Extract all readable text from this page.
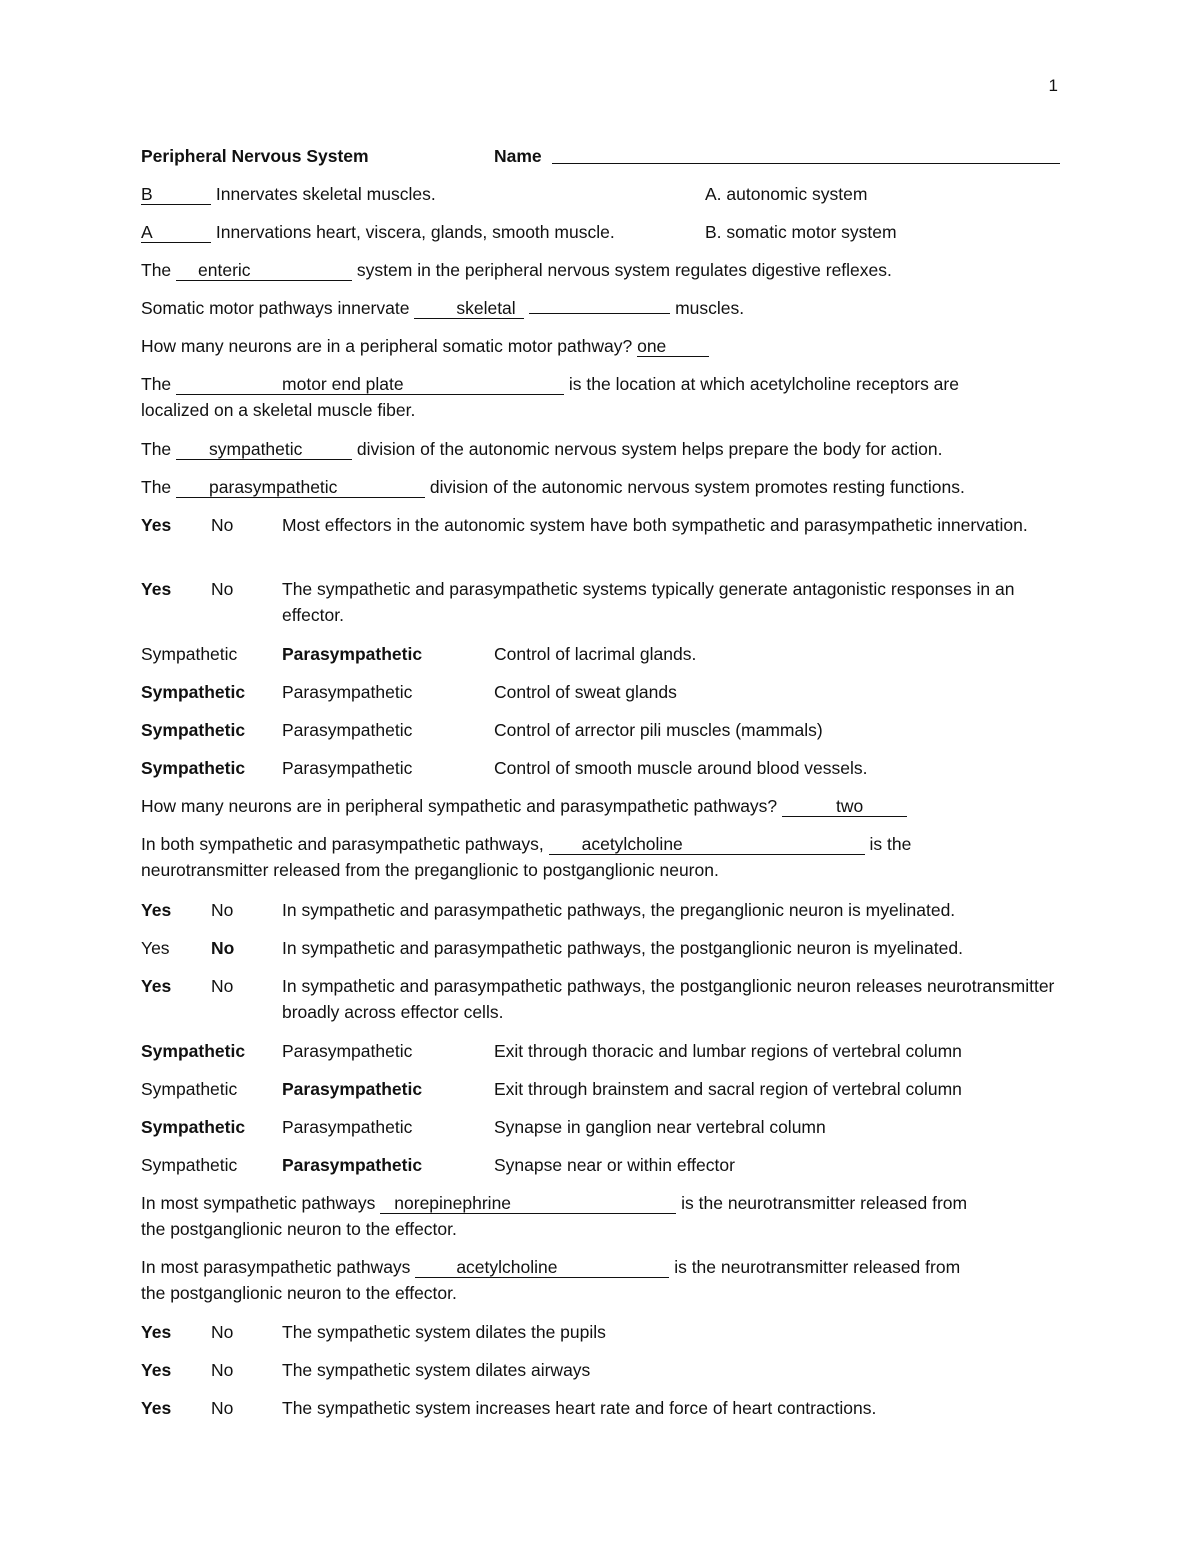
1
Peripheral Nervous System	Name
B	Innervates skeletal muscles.	A. autonomic system
A	Innervations heart, viscera, glands, smooth muscle.	B. somatic motor system
The enteric	system in the peripheral nervous system regulates digestive reflexes.
Somatic motor pathways innervate	skeletal	muscles.
How many neurons are in a peripheral somatic motor pathway? one
The	motor end plate	is the location at which acetylcholine receptors are
localized on a skeletal muscle fiber.
The sympathetic	division of the autonomic nervous system helps prepare the body for action.
The parasympathetic	division of the autonomic nervous system promotes resting functions.
Yes No	Most effectors in the autonomic system have both sympathetic and parasympathetic innervation.
Yes No	The sympathetic and parasympathetic systems typically generate antagonistic responses in an effector.
Sympathetic	Parasympathetic	Control of lacrimal glands.
Sympathetic Parasympathetic	Control of sweat glands
Sympathetic Parasympathetic	Control of arrector pili muscles (mammals)
Sympathetic Parasympathetic	Control of smooth muscle around blood vessels.
How many neurons are in peripheral sympathetic and parasympathetic pathways?	two
In both sympathetic and parasympathetic pathways, acetylcholine	is the
neurotransmitter released from the preganglionic to postganglionic neuron.
Yes No	In sympathetic and parasympathetic pathways, the preganglionic neuron is myelinated.
Yes No	In sympathetic and parasympathetic pathways, the postganglionic neuron is myelinated.
Yes No	In sympathetic and parasympathetic pathways, the postganglionic neuron releases neurotransmitter broadly across effector cells.
Sympathetic Parasympathetic	Exit through thoracic and lumbar regions of vertebral column
Sympathetic	Parasympathetic	Exit through brainstem and sacral region of vertebral column
Sympathetic Parasympathetic	Synapse in ganglion near vertebral column
Sympathetic	Parasympathetic	Synapse near or within effector
In most sympathetic pathways norepinephrine	is the neurotransmitter released from
the postganglionic neuron to the effector.
In most parasympathetic pathways	acetylcholine	is the neurotransmitter released from
the postganglionic neuron to the effector.
Yes No	The sympathetic system dilates the pupils
Yes No	The sympathetic system dilates airways
Yes No	The sympathetic system increases heart rate and force of heart contractions.
